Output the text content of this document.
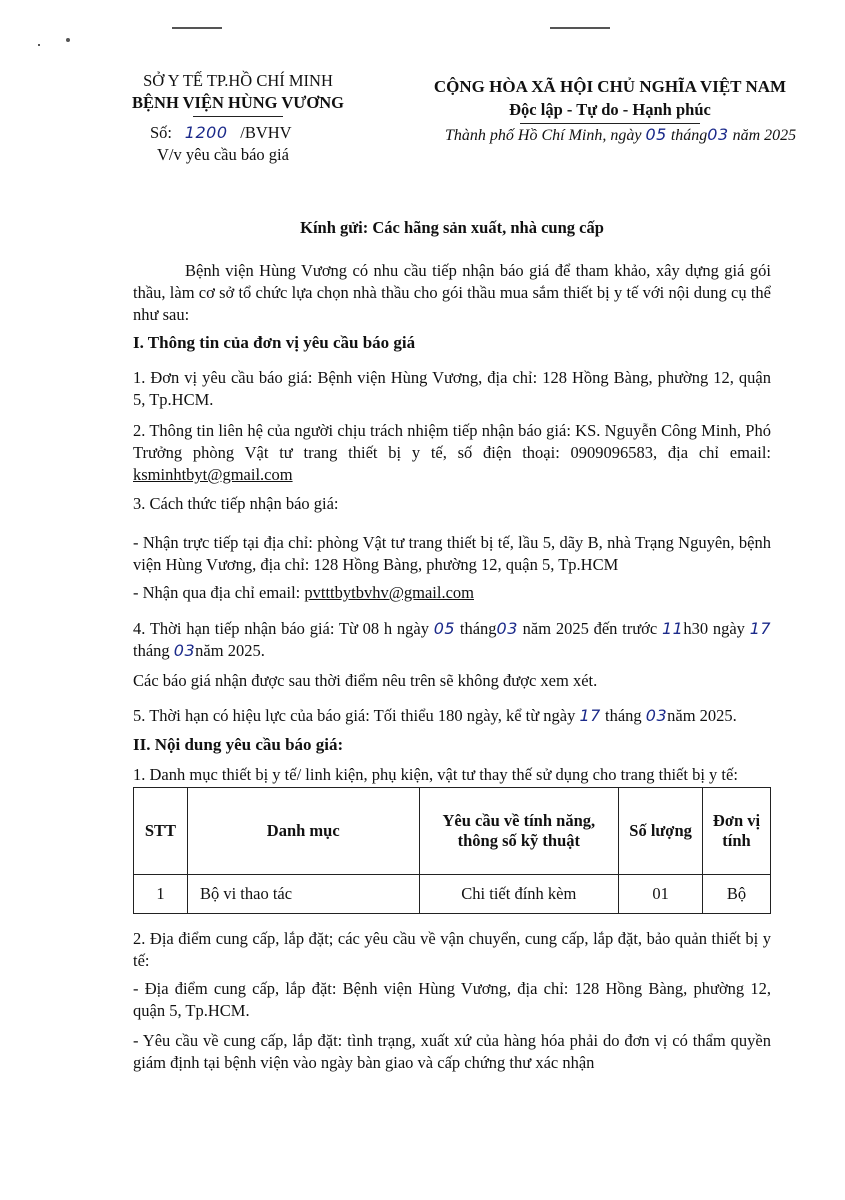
SỞ Y TẾ TP.HỒ CHÍ MINH
BỆNH VIỆN HÙNG VƯƠNG
Số: 1200 /BVHV
V/v yêu cầu báo giá
CỘNG HÒA XÃ HỘI CHỦ NGHĨA VIỆT NAM
Độc lập - Tự do - Hạnh phúc
Thành phố Hồ Chí Minh, ngày 05 tháng03 năm 2025
Kính gửi: Các hãng sản xuất, nhà cung cấp
Bệnh viện Hùng Vương có nhu cầu tiếp nhận báo giá để tham khảo, xây dựng giá gói thầu, làm cơ sở tổ chức lựa chọn nhà thầu cho gói thầu mua sắm thiết bị y tế với nội dung cụ thể như sau:
I. Thông tin của đơn vị yêu cầu báo giá
1. Đơn vị yêu cầu báo giá: Bệnh viện Hùng Vương, địa chỉ: 128 Hồng Bàng, phường 12, quận 5, Tp.HCM.
2. Thông tin liên hệ của người chịu trách nhiệm tiếp nhận báo giá: KS. Nguyễn Công Minh, Phó Trưởng phòng Vật tư trang thiết bị y tế, số điện thoại: 0909096583, địa chỉ email: ksminhtbyt@gmail.com
3. Cách thức tiếp nhận báo giá:
- Nhận trực tiếp tại địa chỉ: phòng Vật tư trang thiết bị tế, lầu 5, dãy B, nhà Trạng Nguyên, bệnh viện Hùng Vương, địa chỉ: 128 Hồng Bàng, phường 12, quận 5, Tp.HCM
- Nhận qua địa chỉ email: pvtttbytbvhv@gmail.com
4. Thời hạn tiếp nhận báo giá: Từ 08 h ngày 05 tháng03 năm 2025 đến trước 11h30 ngày 17 tháng 03năm 2025.
Các báo giá nhận được sau thời điểm nêu trên sẽ không được xem xét.
5. Thời hạn có hiệu lực của báo giá: Tối thiểu 180 ngày, kể từ ngày 17 tháng 03năm 2025.
II. Nội dung yêu cầu báo giá:
1. Danh mục thiết bị y tế/ linh kiện, phụ kiện, vật tư thay thế sử dụng cho trang thiết bị y tế:
STT	Danh mục	Yêu cầu về tính năng, thông số kỹ thuật	Số lượng	Đơn vị tính
1	Bộ vi thao tác	Chi tiết đính kèm	01	Bộ
2. Địa điểm cung cấp, lắp đặt; các yêu cầu về vận chuyển, cung cấp, lắp đặt, bảo quản thiết bị y tế:
- Địa điểm cung cấp, lắp đặt: Bệnh viện Hùng Vương, địa chỉ: 128 Hồng Bàng, phường 12, quận 5, Tp.HCM.
- Yêu cầu về cung cấp, lắp đặt: tình trạng, xuất xứ của hàng hóa phải do đơn vị có thẩm quyền giám định tại bệnh viện vào ngày bàn giao và cấp chứng thư xác nhận
